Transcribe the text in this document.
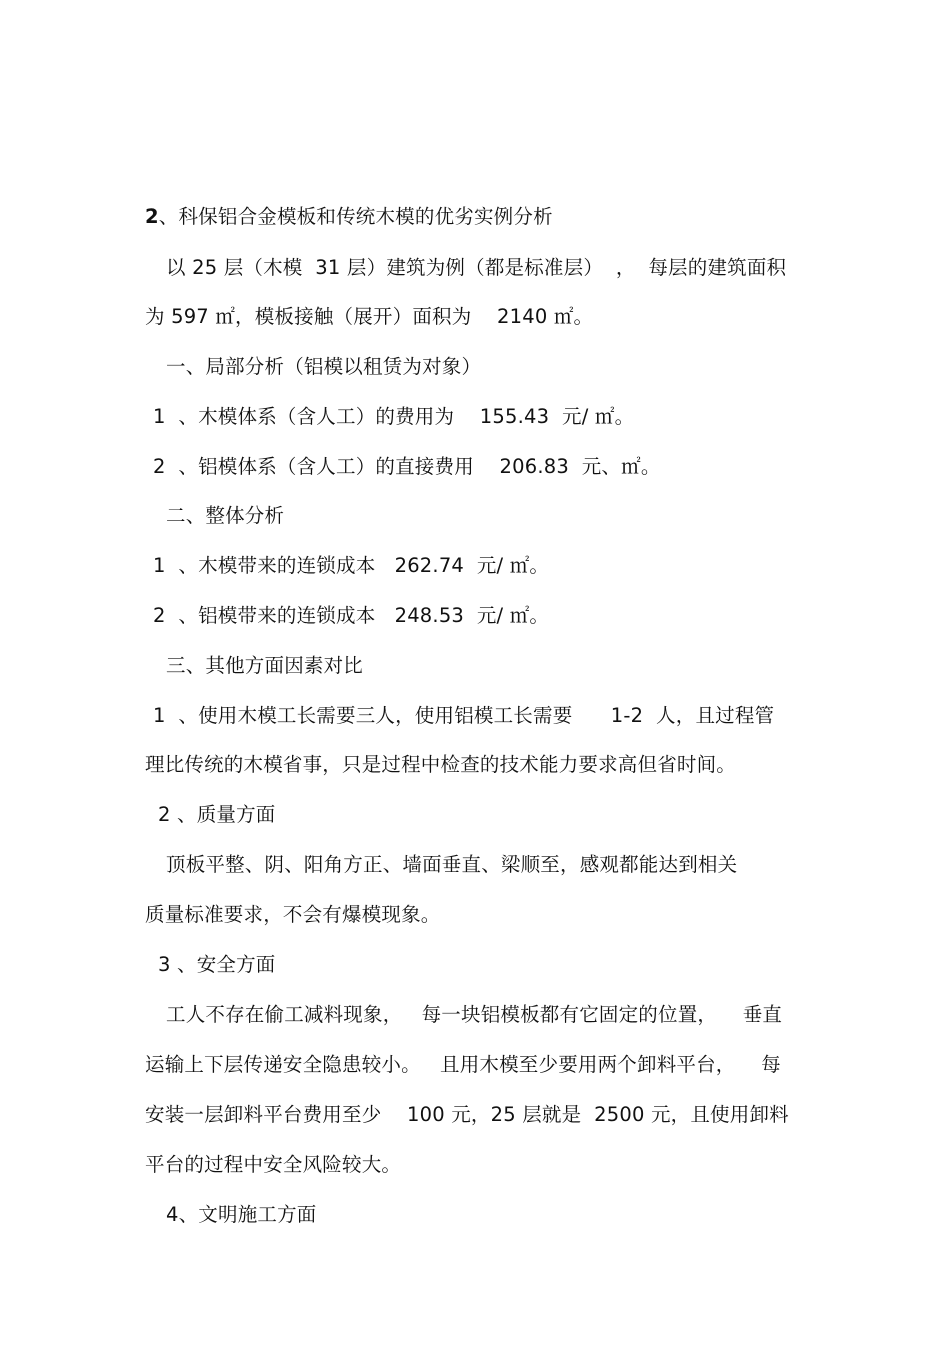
2、科保铝合金模板和传统木模的优劣实例分析
以 25 层（木模  31 层）建筑为例（都是标准层）  ，  每层的建筑面积
为 597 ㎡，模板接触（展开）面积为    2140 ㎡。
一、局部分析（铝模以租赁为对象）
1  、木模体系（含人工）的费用为    155.43  元/ ㎡。
2  、铝模体系（含人工）的直接费用    206.83  元、㎡。
二、整体分析
1  、木模带来的连锁成本   262.74  元/ ㎡。
2  、铝模带来的连锁成本   248.53  元/ ㎡。
三、其他方面因素对比
1  、使用木模工长需要三人，使用铝模工长需要      1-2  人，且过程管
理比传统的木模省事，只是过程中检查的技术能力要求高但省时间。
2 、质量方面
顶板平整、阴、阳角方正、墙面垂直、梁顺至，感观都能达到相关
质量标准要求，不会有爆模现象。
3 、安全方面
工人不存在偷工减料现象，   每一块铝模板都有它固定的位置，    垂直
运输上下层传递安全隐患较小。   且用木模至少要用两个卸料平台，    每
安装一层卸料平台费用至少    100 元，25 层就是  2500 元，且使用卸料
平台的过程中安全风险较大。
4、文明施工方面
